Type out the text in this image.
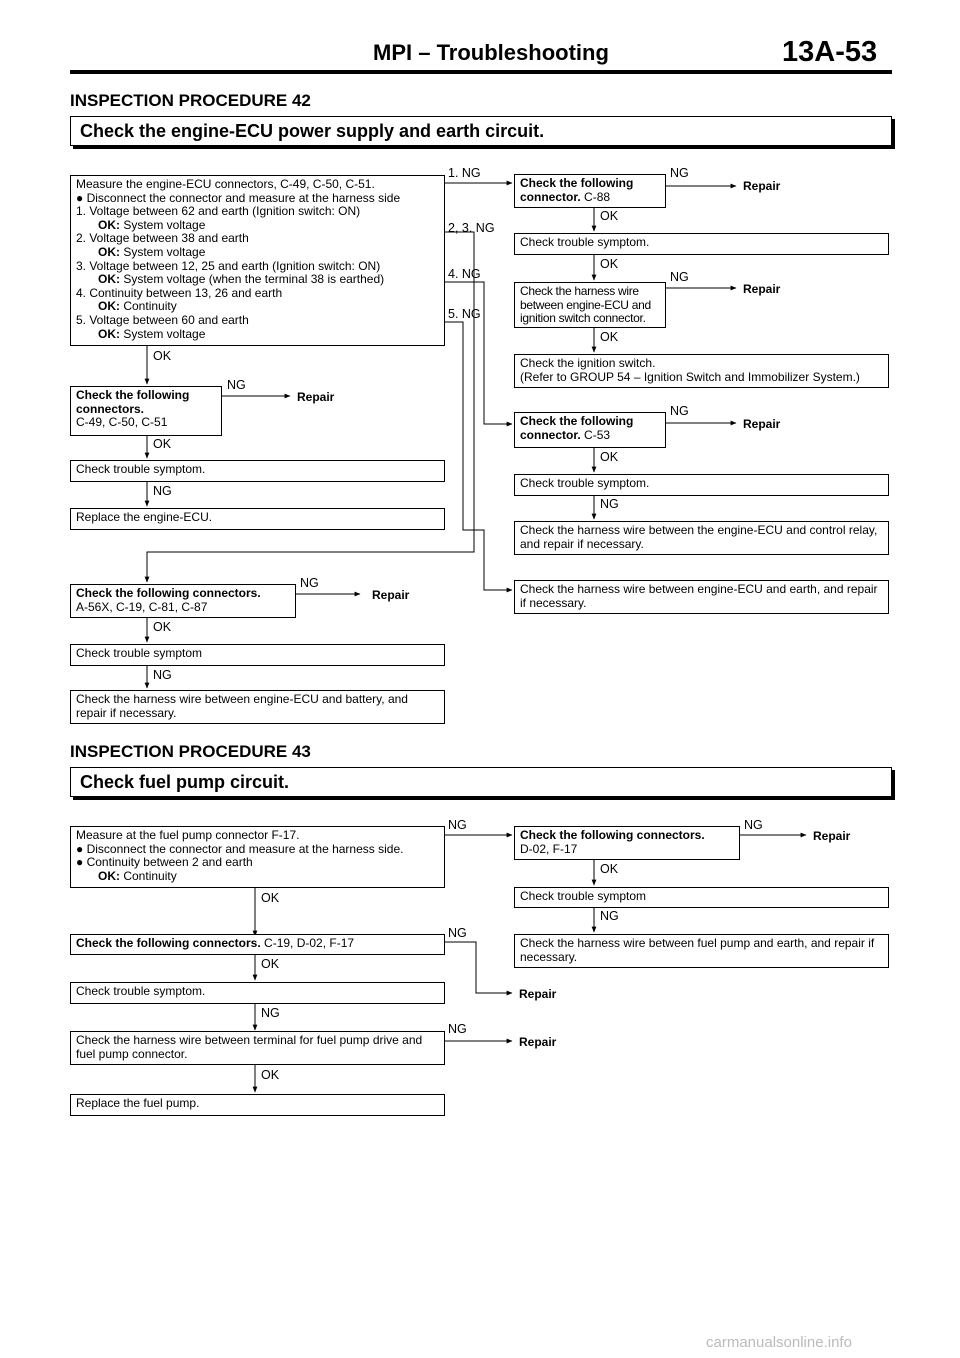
MPI – Troubleshooting	13A-53
INSPECTION PROCEDURE 42
Check the engine-ECU power supply and earth circuit.
Measure the engine-ECU connectors, C-49, C-50, C-51.
● Disconnect the connector and measure at the harness side
1. Voltage between 62 and earth (Ignition switch: ON)
OK: System voltage
2. Voltage between 38 and earth
OK: System voltage
3. Voltage between 12, 25 and earth (Ignition switch: ON)
OK: System voltage (when the terminal 38 is earthed)
4. Continuity between 13, 26 and earth
OK: Continuity
5. Voltage between 60 and earth
OK: System voltage
1. NG
2, 3. NG
4. NG
5. NG
OK
Check the following connectors.
C-49, C-50, C-51
NG
Repair
OK
Check trouble symptom.
NG
Replace the engine-ECU.
Check the following connectors.
A-56X, C-19, C-81, C-87
NG
Repair
OK
Check trouble symptom
NG
Check the harness wire between engine-ECU and battery, and repair if necessary.
Check the following connector. C-88
NG
Repair
OK
Check trouble symptom.
OK
Check the harness wire between engine-ECU and ignition switch connector.
NG
Repair
OK
Check the ignition switch.
(Refer to GROUP 54 – Ignition Switch and Immobilizer System.)
Check the following connector. C-53
NG
Repair
OK
Check trouble symptom.
NG
Check the harness wire between the engine-ECU and control relay, and repair if necessary.
Check the harness wire between engine-ECU and earth, and repair if necessary.
INSPECTION PROCEDURE 43
Check fuel pump circuit.
Measure at the fuel pump connector F-17.
● Disconnect the connector and measure at the harness side.
● Continuity between 2 and earth
OK: Continuity
NG
OK
Check the following connectors. C-19, D-02, F-17
NG
OK
Check trouble symptom.
NG
Check the harness wire between terminal for fuel pump drive and fuel pump connector.
NG
OK
Replace the fuel pump.
Check the following connectors.
D-02, F-17
NG
Repair
OK
Check trouble symptom
NG
Check the harness wire between fuel pump and earth, and repair if necessary.
Repair
Repair
carmanualsonline.info
